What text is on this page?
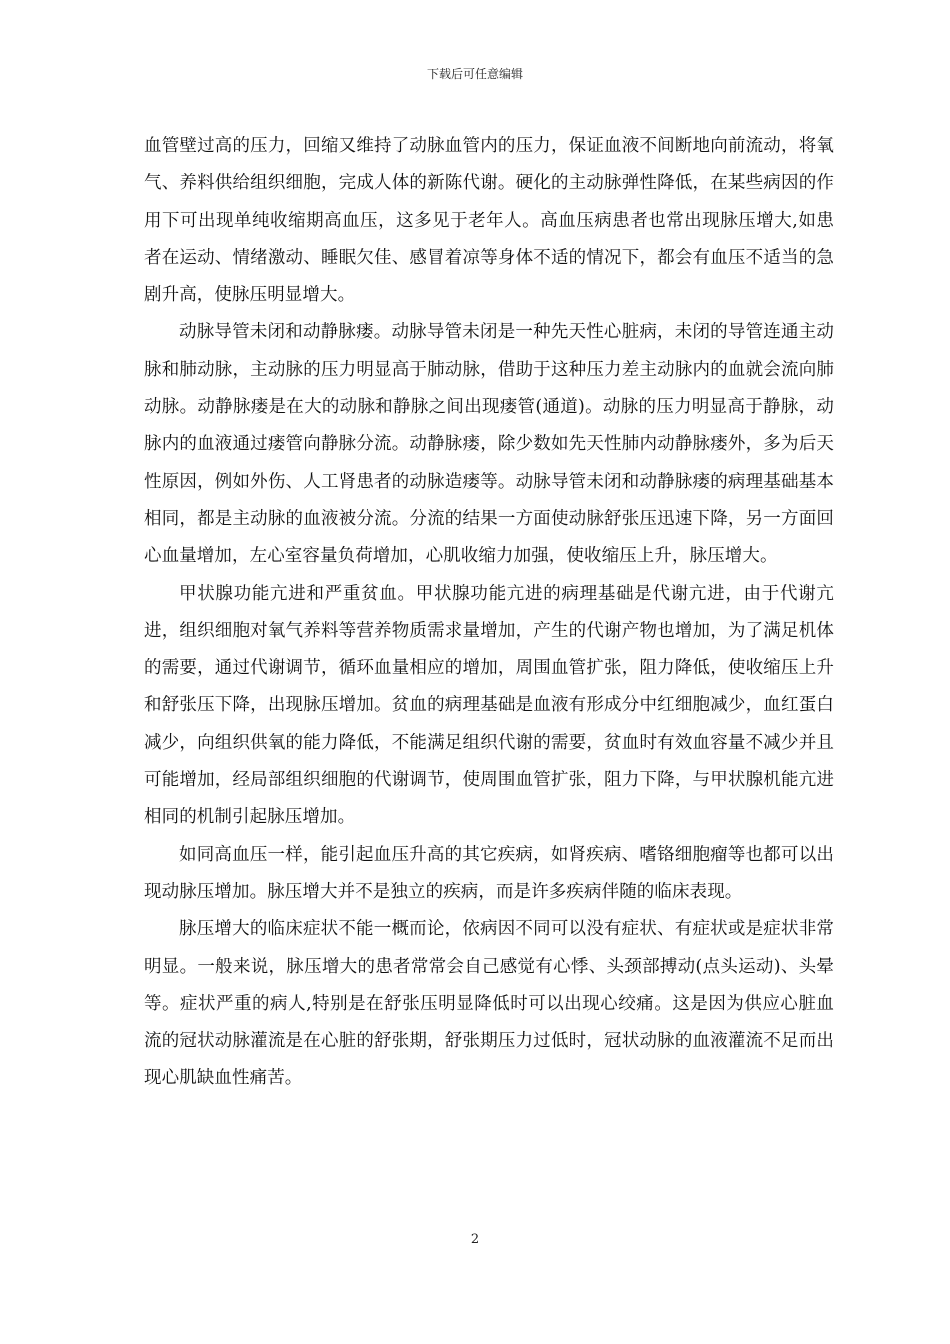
下载后可任意编辑

血管壁过高的压力，回缩又维持了动脉血管内的压力，保证血液不间断地向前流动，将氧气、养料供给组织细胞，完成人体的新陈代谢。硬化的主动脉弹性降低，在某些病因的作用下可出现单纯收缩期高血压，这多见于老年人。高血压病患者也常出现脉压增大,如患者在运动、情绪激动、睡眠欠佳、感冒着凉等身体不适的情况下，都会有血压不适当的急剧升高，使脉压明显增大。

动脉导管未闭和动静脉瘘。动脉导管未闭是一种先天性心脏病，未闭的导管连通主动脉和肺动脉，主动脉的压力明显高于肺动脉，借助于这种压力差主动脉内的血就会流向肺动脉。动静脉瘘是在大的动脉和静脉之间出现瘘管(通道)。动脉的压力明显高于静脉，动脉内的血液通过瘘管向静脉分流。动静脉瘘，除少数如先天性肺内动静脉瘘外，多为后天性原因，例如外伤、人工肾患者的动脉造瘘等。动脉导管未闭和动静脉瘘的病理基础基本相同，都是主动脉的血液被分流。分流的结果一方面使动脉舒张压迅速下降，另一方面回心血量增加，左心室容量负荷增加，心肌收缩力加强，使收缩压上升，脉压增大。

甲状腺功能亢进和严重贫血。甲状腺功能亢进的病理基础是代谢亢进，由于代谢亢进，组织细胞对氧气养料等营养物质需求量增加，产生的代谢产物也增加，为了满足机体的需要，通过代谢调节，循环血量相应的增加，周围血管扩张，阻力降低，使收缩压上升和舒张压下降，出现脉压增加。贫血的病理基础是血液有形成分中红细胞减少，血红蛋白减少，向组织供氧的能力降低，不能满足组织代谢的需要，贫血时有效血容量不减少并且可能增加，经局部组织细胞的代谢调节，使周围血管扩张，阻力下降，与甲状腺机能亢进相同的机制引起脉压增加。

如同高血压一样，能引起血压升高的其它疾病，如肾疾病、嗜铬细胞瘤等也都可以出现动脉压增加。脉压增大并不是独立的疾病，而是许多疾病伴随的临床表现。

脉压增大的临床症状不能一概而论，依病因不同可以没有症状、有症状或是症状非常明显。一般来说，脉压增大的患者常常会自己感觉有心悸、头颈部搏动(点头运动)、头晕等。症状严重的病人,特别是在舒张压明显降低时可以出现心绞痛。这是因为供应心脏血流的冠状动脉灌流是在心脏的舒张期，舒张期压力过低时，冠状动脉的血液灌流不足而出现心肌缺血性痛苦。

2
